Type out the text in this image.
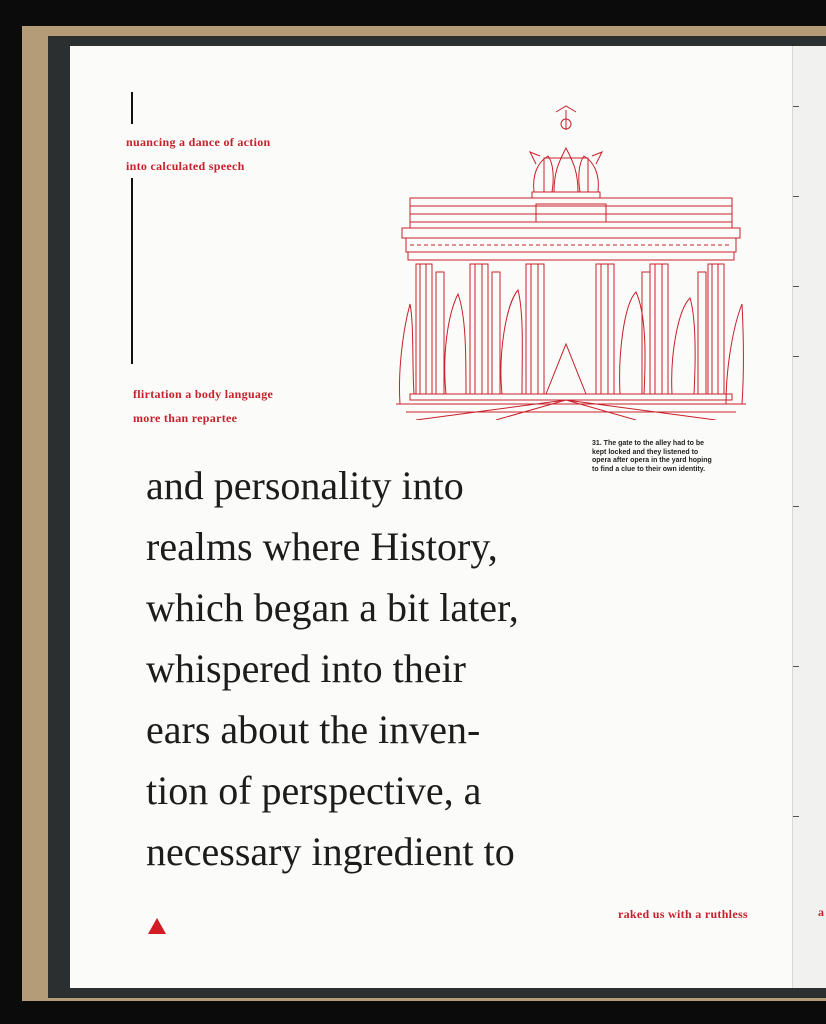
nuancing a dance of action
into calculated speech
flirtation a body language
more than repartee
31. The gate to the alley had to be
kept locked and they listened to
opera after opera in the yard hoping
to find a clue to their own identity.
and personality into
realms where History,
which began a bit later,
whispered into their
ears about the inven-
tion of perspective, a
necessary ingredient to
raked us with a ruthless	a
